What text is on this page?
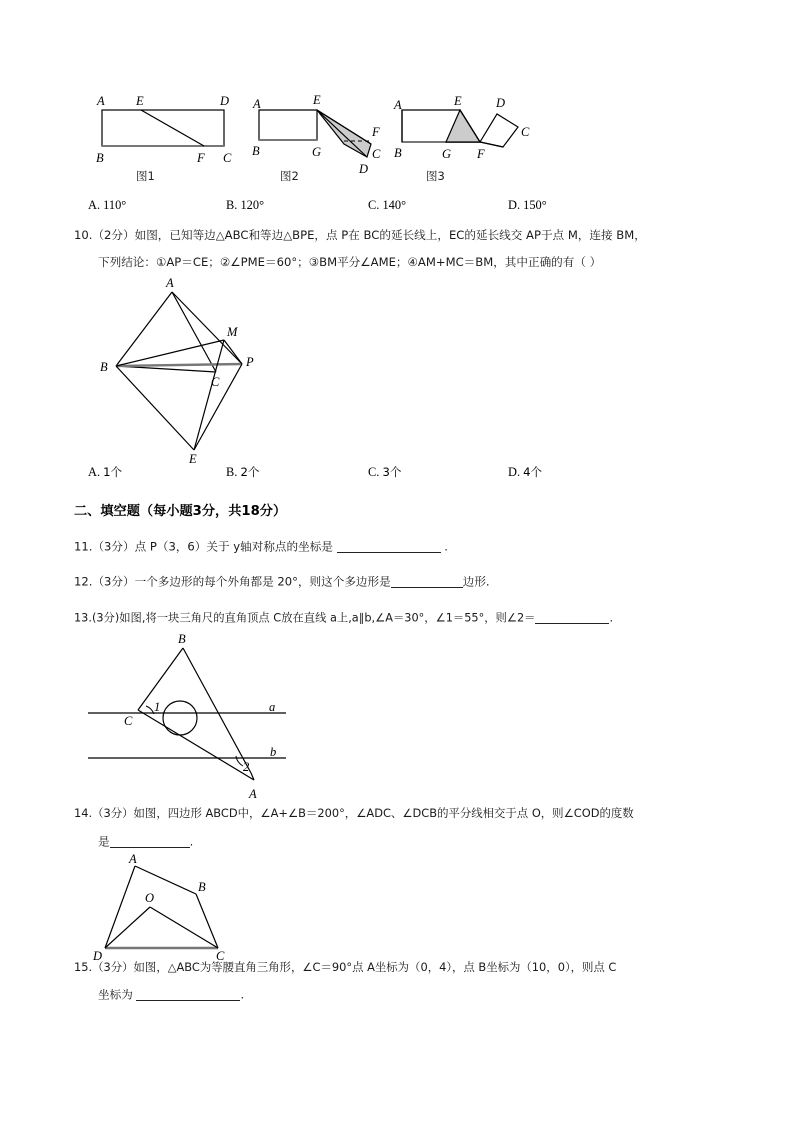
A	E	D
B	F C
图1
A	E
B	G
F
C
D
图2
A	E	D
B	G F
C
图3
A. 110°	B. 120°	C. 140°	D. 150°
10.（2分）如图，已知等边△ABC和等边△BPE，点 P在 BC的延长线上，EC的延长线交 AP于点 M，连接 BM，
下列结论：①AP＝CE；②∠PME＝60°；③BM平分∠AME；④AM+MC＝BM，其中正确的有（ ）
A
M
B
C
P
E
A. 1个	B. 2个	C. 3个	D. 4个
二、填空题（每小题3分，共18分）
11.（3分）点 P（3，6）关于 y轴对称点的坐标是	.
12.（3分）一个多边形的每个外角都是 20°，则这个多边形是	边形.
13.(3分)如图,将一块三角尺的直角顶点 C放在直线 a上,a∥b,∠A＝30°，∠1＝55°，则∠2＝	.
B
1	a
C
b
2
A
14.（3分）如图，四边形 ABCD中，∠A+∠B＝200°，∠ADC、∠DCB的平分线相交于点 O，则∠COD的度数
是	.
A
B
O
D	C
15.（3分）如图，△ABC为等腰直角三角形，∠C＝90°点 A坐标为（0，4），点 B坐标为（10，0），则点 C
坐标为	.
